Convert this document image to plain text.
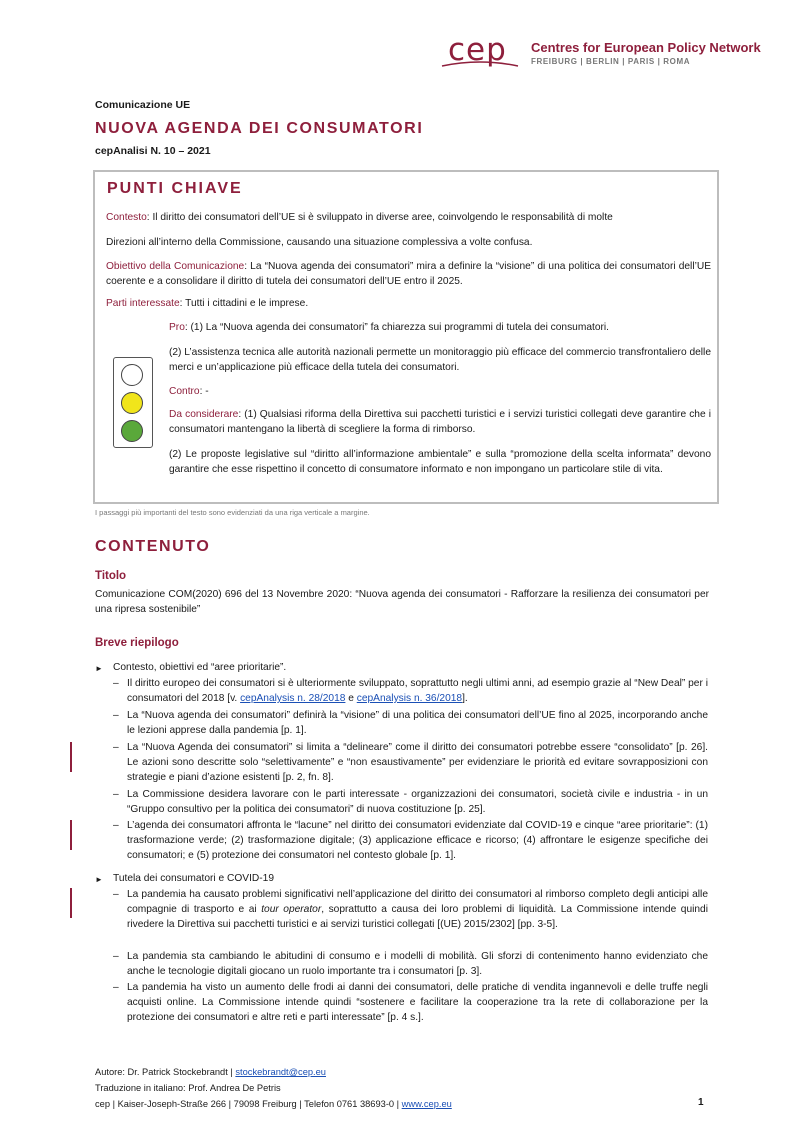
cep Centres for European Policy Network
FREIBURG | BERLIN | PARIS | ROMA
Comunicazione UE
NUOVA AGENDA DEI CONSUMATORI
cepAnalisi N. 10 – 2021
PUNTI CHIAVE
Contesto: Il diritto dei consumatori dell’UE si è sviluppato in diverse aree, coinvolgendo le responsabilità di molte
Direzioni all’interno della Commissione, causando una situazione complessiva a volte confusa.
Obiettivo della Comunicazione: La “Nuova agenda dei consumatori” mira a definire la “visione” di una politica dei consumatori dell’UE coerente e a consolidare il diritto di tutela dei consumatori dell’UE entro il 2025.
Parti interessate: Tutti i cittadini e le imprese.
Pro: (1) La “Nuova agenda dei consumatori” fa chiarezza sui programmi di tutela dei consumatori.
(2) L’assistenza tecnica alle autorità nazionali permette un monitoraggio più efficace del commercio transfrontaliero delle merci e un’applicazione più efficace della tutela dei consumatori.
Contro: -
Da considerare: (1) Qualsiasi riforma della Direttiva sui pacchetti turistici e i servizi turistici collegati deve garantire che i consumatori mantengano la libertà di scegliere la forma di rimborso.
(2) Le proposte legislative sul “diritto all’informazione ambientale” e sulla “promozione della scelta informata” devono garantire che esse rispettino il concetto di consumatore informato e non impongano un particolare stile di vita.
I passaggi più importanti del testo sono evidenziati da una riga verticale a margine.
CONTENUTO
Titolo
Comunicazione COM(2020) 696 del 13 Novembre 2020: “Nuova agenda dei consumatori - Rafforzare la resilienza dei consumatori per una ripresa sostenibile”
Breve riepilogo
► Contesto, obiettivi ed “aree prioritarie”.
– Il diritto europeo dei consumatori si è ulteriormente sviluppato, soprattutto negli ultimi anni, ad esempio grazie al “New Deal” per i consumatori del 2018 [v. cepAnalysis n. 28/2018 e cepAnalysis n. 36/2018].
– La “Nuova agenda dei consumatori” definirà la “visione” di una politica dei consumatori dell’UE fino al 2025, incorporando anche le lezioni apprese dalla pandemia [p. 1].
– La “Nuova Agenda dei consumatori” si limita a “delineare” come il diritto dei consumatori potrebbe essere “consolidato” [p. 26]. Le azioni sono descritte solo “selettivamente” e “non esaustivamente” per evidenziare le priorità ed evitare sovrapposizioni con strategie e piani d’azione esistenti [p. 2, fn. 8].
– La Commissione desidera lavorare con le parti interessate - organizzazioni dei consumatori, società civile e industria - in un “Gruppo consultivo per la politica dei consumatori” di nuova costituzione [p. 25].
– L’agenda dei consumatori affronta le “lacune” nel diritto dei consumatori evidenziate dal COVID-19 e cinque “aree prioritarie”: (1) trasformazione verde; (2) trasformazione digitale; (3) applicazione efficace e ricorso; (4) affrontare le esigenze specifiche dei consumatori; e (5) protezione dei consumatori nel contesto globale [p. 1].
► Tutela dei consumatori e COVID-19
– La pandemia ha causato problemi significativi nell’applicazione del diritto dei consumatori al rimborso completo degli anticipi alle compagnie di trasporto e ai tour operator, soprattutto a causa dei loro problemi di liquidità. La Commissione intende quindi rivedere la Direttiva sui pacchetti turistici e ai servizi turistici collegati [(UE) 2015/2302] [pp. 3-5].
– La pandemia sta cambiando le abitudini di consumo e i modelli di mobilità. Gli sforzi di contenimento hanno evidenziato che anche le tecnologie digitali giocano un ruolo importante tra i consumatori [p. 3].
– La pandemia ha visto un aumento delle frodi ai danni dei consumatori, delle pratiche di vendita ingannevoli e delle truffe negli acquisti online. La Commissione intende quindi “sostenere e facilitare la cooperazione tra la rete di collaborazione per la protezione dei consumatori e altre reti e parti interessate” [p. 4 s.].
Autore: Dr. Patrick Stockebrandt | stockebrandt@cep.eu
Traduzione in italiano: Prof. Andrea De Petris
cep | Kaiser-Joseph-Straße 266 | 79098 Freiburg | Telefon 0761 38693-0 | www.cep.eu	1
